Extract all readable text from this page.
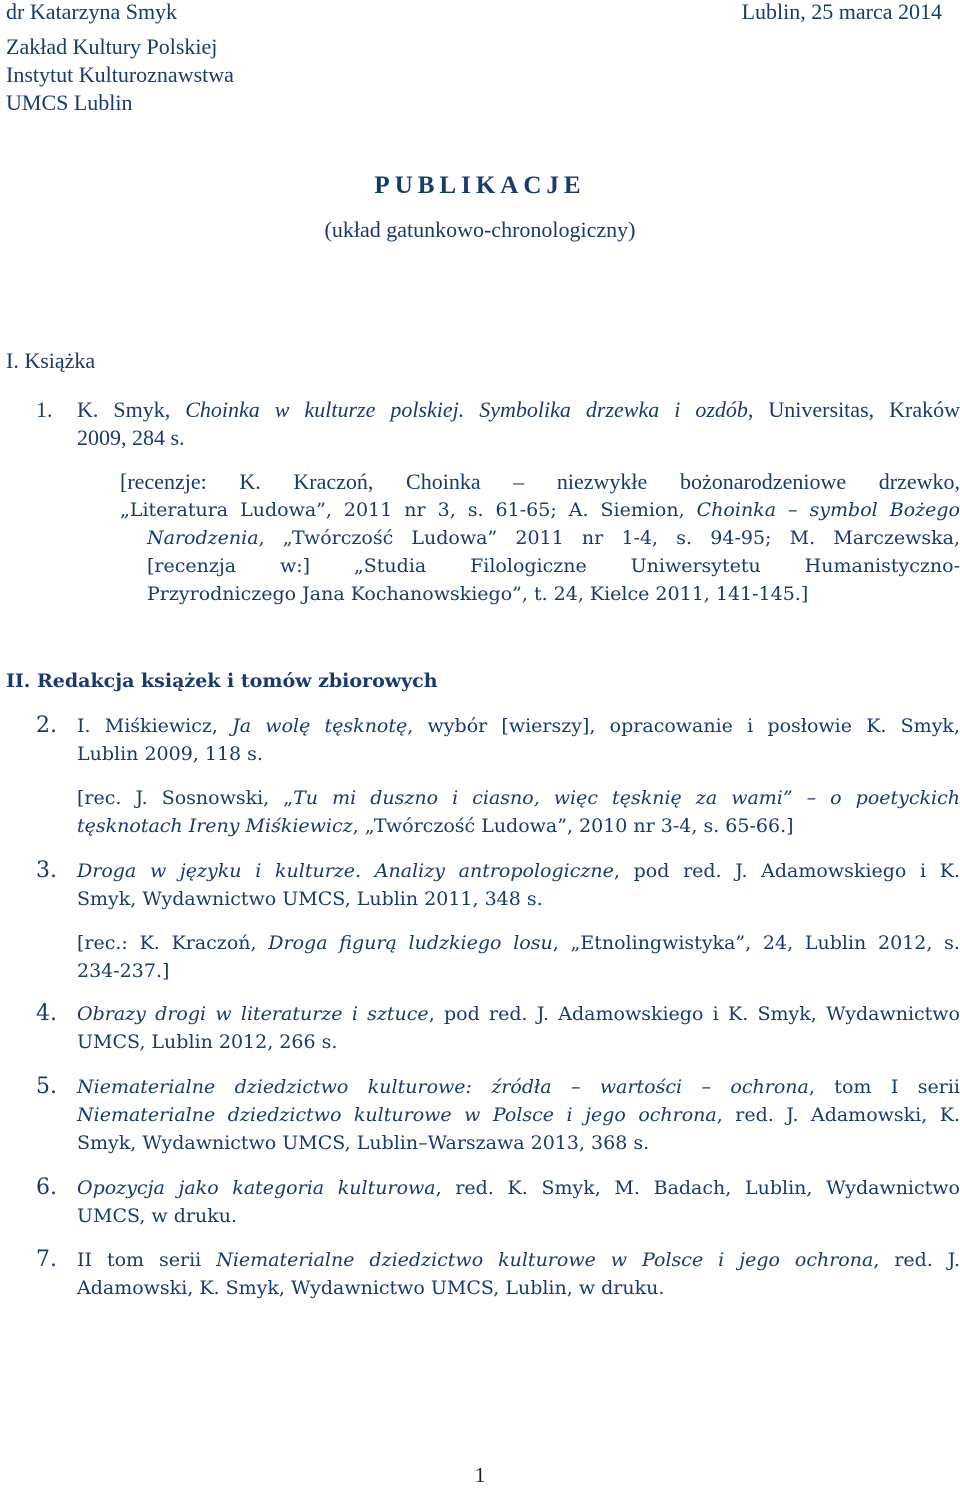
dr Katarzyna Smyk	Lublin, 25 marca 2014
Zakład Kultury Polskiej
Instytut Kulturoznawstwa
UMCS Lublin
PUBLIKACJE
(układ gatunkowo-chronologiczny)
I. Książka
1. K. Smyk, Choinka w kulturze polskiej. Symbolika drzewka i ozdób, Universitas, Kraków
2009, 284 s.
[recenzje: K. Kraczoń, Choinka – niezwykłe bożonarodzeniowe drzewko,
„Literatura Ludowa”, 2011 nr 3, s. 61-65; A. Siemion, Choinka – symbol Bożego
Narodzenia, „Twórczość Ludowa” 2011 nr 1-4, s. 94-95; M. Marczewska,
[recenzja w:] „Studia Filologiczne Uniwersytetu Humanistyczno-
Przyrodniczego Jana Kochanowskiego”, t. 24, Kielce 2011, 141-145.]
II. Redakcja książek i tomów zbiorowych
2. I. Miśkiewicz, Ja wolę tęsknotę, wybór [wierszy], opracowanie i posłowie K. Smyk,
Lublin 2009, 118 s.
[rec. J. Sosnowski, „Tu mi duszno i ciasno, więc tęsknię za wami” – o poetyckich
tęsknotach Ireny Miśkiewicz, „Twórczość Ludowa”, 2010 nr 3-4, s. 65-66.]
3. Droga w języku i kulturze. Analizy antropologiczne, pod red. J. Adamowskiego i K.
Smyk, Wydawnictwo UMCS, Lublin 2011, 348 s.
[rec.: K. Kraczoń, Droga figurą ludzkiego losu, „Etnolingwistyka”, 24, Lublin 2012, s.
234-237.]
4. Obrazy drogi w literaturze i sztuce, pod red. J. Adamowskiego i K. Smyk, Wydawnictwo
UMCS, Lublin 2012, 266 s.
5. Niematerialne dziedzictwo kulturowe: źródła – wartości – ochrona, tom I serii
Niematerialne dziedzictwo kulturowe w Polsce i jego ochrona, red. J. Adamowski, K.
Smyk, Wydawnictwo UMCS, Lublin–Warszawa 2013, 368 s.
6. Opozycja jako kategoria kulturowa, red. K. Smyk, M. Badach, Lublin, Wydawnictwo
UMCS, w druku.
7. II tom serii Niematerialne dziedzictwo kulturowe w Polsce i jego ochrona, red. J.
Adamowski, K. Smyk, Wydawnictwo UMCS, Lublin, w druku.
1
